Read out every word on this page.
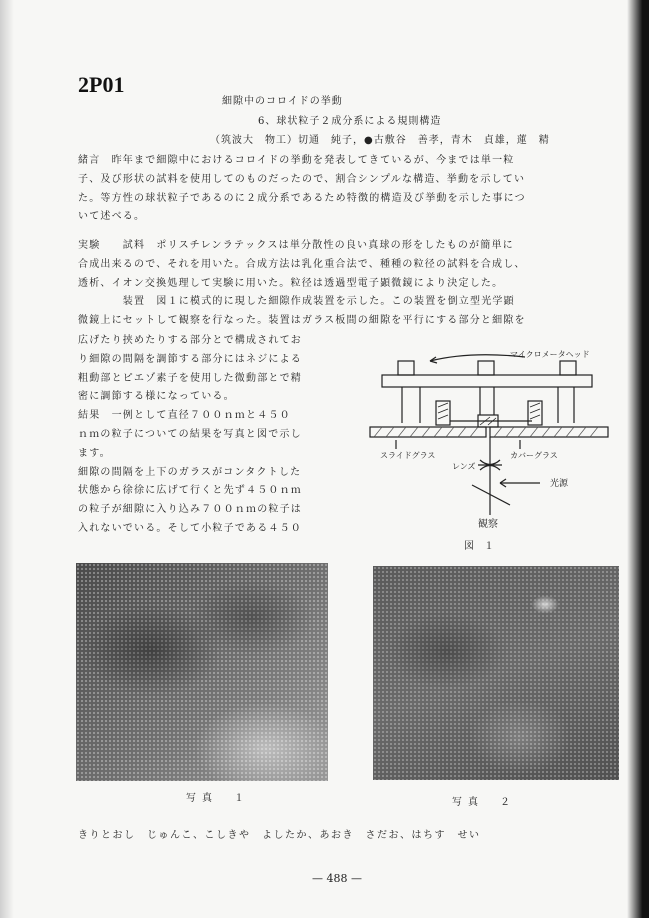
2P01
細隙中のコロイドの挙動
6、球状粒子２成分系による規則構造
（筑波大　物工）切通　純子，●古敷谷　善孝，青木　貞雄，蓮　精
緒言　昨年まで細隙中におけるコロイドの挙動を発表してきているが、今までは単一粒
子、及び形状の試料を使用してのものだったので、割合シンプルな構造、挙動を示してい
た。等方性の球状粒子であるのに２成分系であるため特徴的構造及び挙動を示した事につ
いて述べる。
実験　　試料　ポリスチレンラテックスは単分散性の良い真球の形をしたものが簡単に
合成出来るので、それを用いた。合成方法は乳化重合法で、種種の粒径の試料を合成し、
透析、イオン交換処理して実験に用いた。粒径は透過型電子顕微鏡により決定した。
　　　　装置　図１に模式的に現した細隙作成装置を示した。この装置を倒立型光学顕
微鏡上にセットして観察を行なった。装置はガラス板間の細隙を平行にする部分と細隙を
広げたり挟めたりする部分とで構成されてお
り細隙の間隔を調節する部分にはネジによる
粗動部とピエゾ素子を使用した微動部とで精
密に調節する様になっている。
結果　一例として直径７００ｎｍと４５０
ｎｍの粒子についての結果を写真と図で示し
ます。
細隙の間隔を上下のガラスがコンタクトした
状態から徐徐に広げて行くと先ず４５０ｎｍ
の粒子が細隙に入り込み７００ｎｍの粒子は
入れないでいる。そして小粒子である４５０
マイクロメータヘッド
スライドグラス	カバーグラス
レンズ
光源
観察
図　１
写真　１	写真　２
きりとおし　じゅんこ、こしきや　よしたか、あおき　さだお、はちす　せい
— 488 —
